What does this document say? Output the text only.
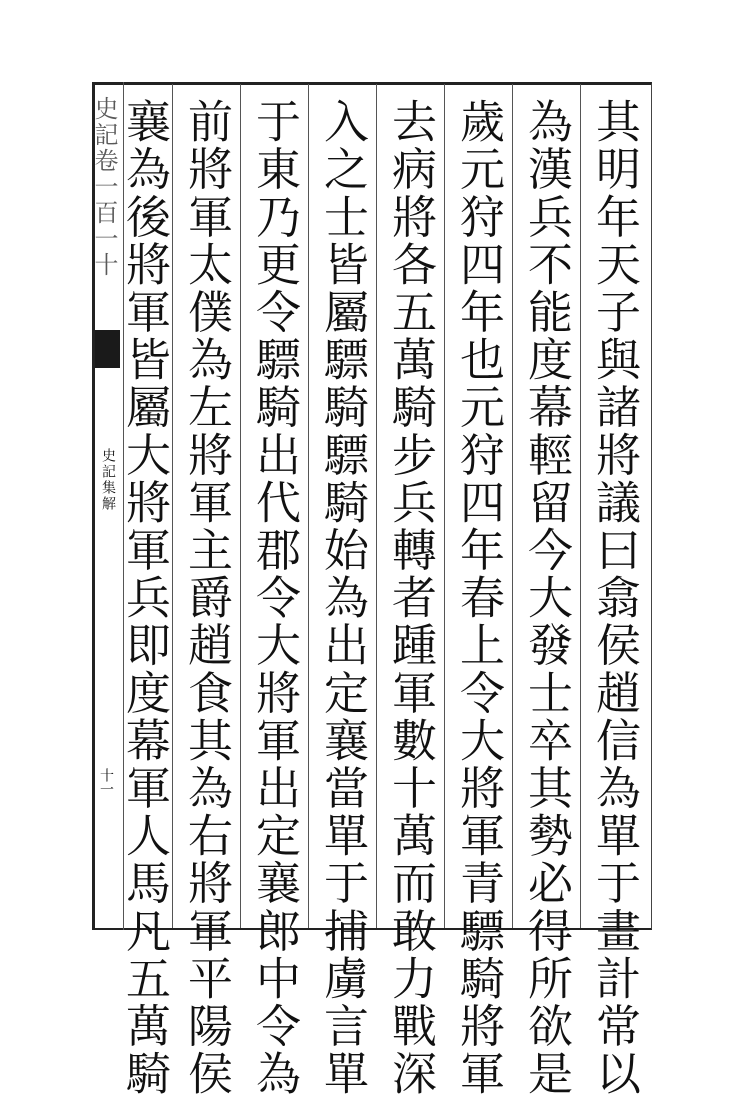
史記卷一百一十
史記集解
十一	其明年天子與諸將議曰翕侯趙信為單于畫計常以
為漢兵不能度幕輕留今大發士卒其勢必得所欲是
歲元狩四年也元狩四年春上令大將軍青驃騎將軍
去病將各五萬騎步兵轉者踵軍數十萬而敢力戰深
入之士皆屬驃騎驃騎始為出定襄當單于捕虜言單
于東乃更令驃騎出代郡令大將軍出定襄郎中令為
前將軍太僕為左將軍主爵趙食其為右將軍平陽侯
襄為後將軍皆屬大將軍兵即度幕軍人馬凡五萬騎
